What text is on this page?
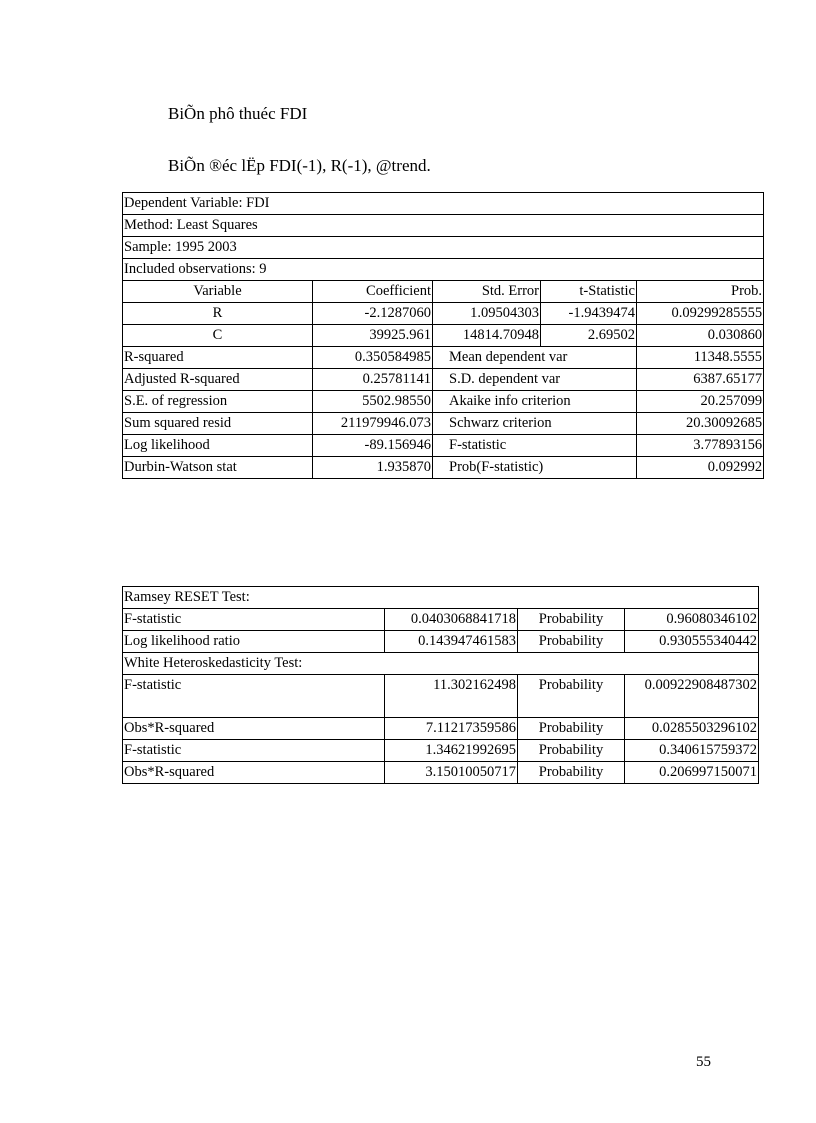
BiÕn phô thuéc FDI
BiÕn ®éc lËp FDI(-1), R(-1), @trend.
Dependent Variable: FDI				
Method: Least Squares				
Sample: 1995 2003				
Included observations: 9				
Variable	Coefficient	Std. Error	t-Statistic	Prob.
R	-2.1287060	1.09504303	-1.9439474	0.09299285555
C	39925.961	14814.70948	2.69502	0.030860
R-squared	0.350584985	Mean dependent var		11348.5555
Adjusted R-squared	0.25781141	S.D. dependent var		6387.65177
S.E. of regression	5502.98550	Akaike info criterion		20.257099
Sum squared resid	211979946.073	Schwarz criterion		20.30092685
Log likelihood	-89.156946	F-statistic		3.77893156
Durbin-Watson stat	1.935870	Prob(F-statistic)		0.092992
Ramsey RESET Test:			
F-statistic	0.0403068841718	Probability	0.96080346102
Log likelihood ratio	0.143947461583	Probability	0.930555340442
White Heteroskedasticity Test:			
F-statistic	11.302162498	Probability	0.00922908487302
Obs*R-squared	7.11217359586	Probability	0.0285503296102
F-statistic	1.34621992695	Probability	0.340615759372
Obs*R-squared	3.15010050717	Probability	0.206997150071
55
